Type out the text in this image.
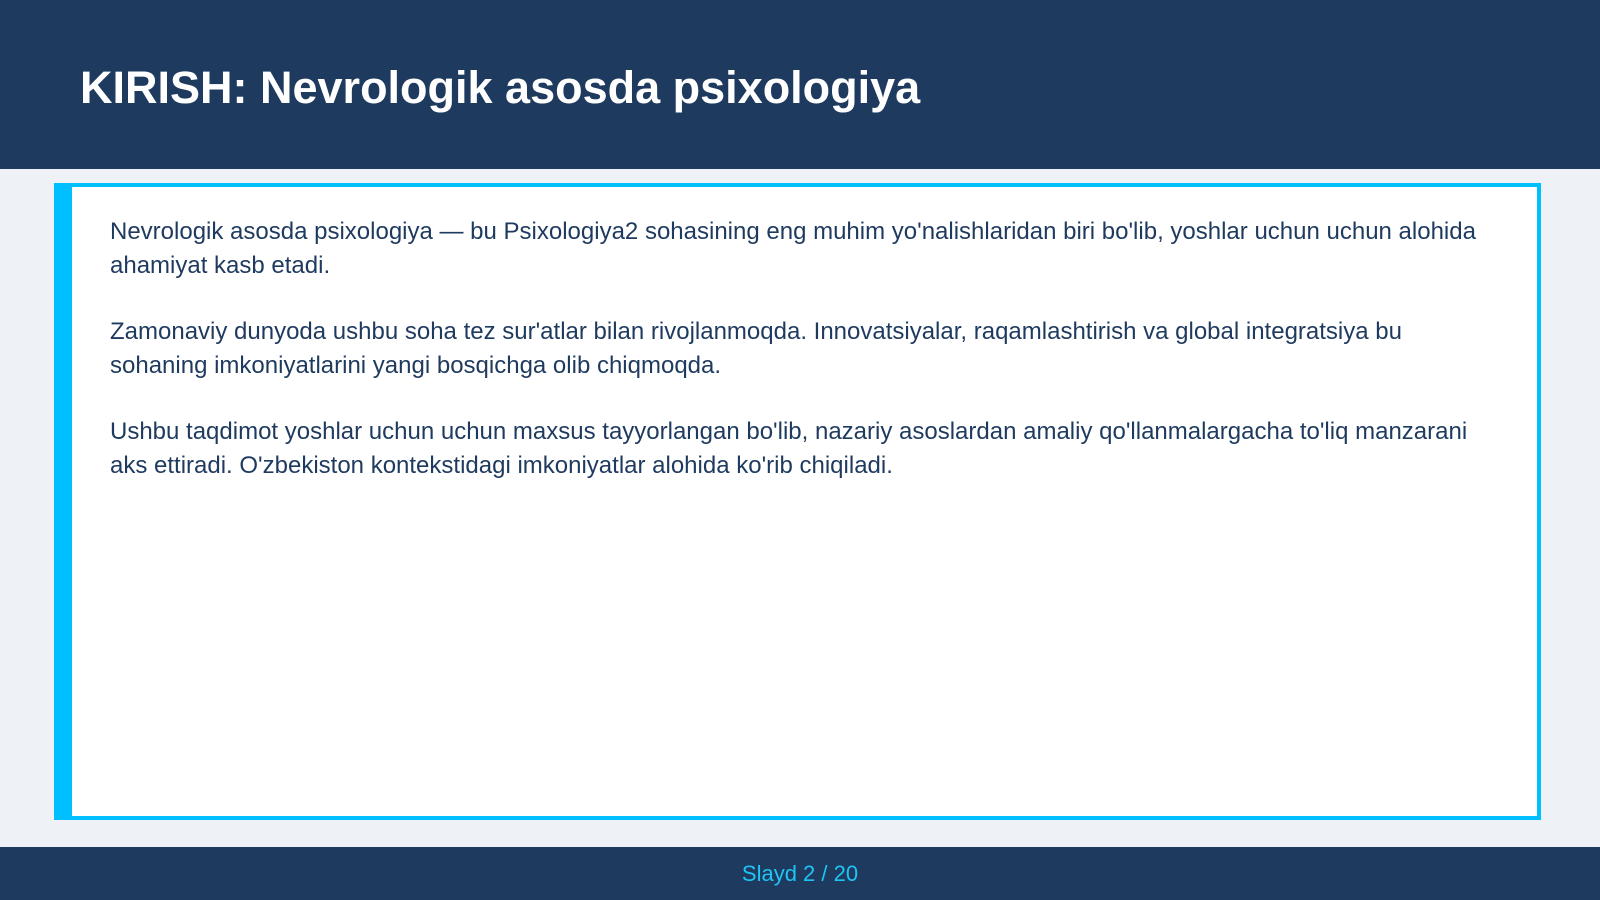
KIRISH: Nevrologik asosda psixologiya

Nevrologik asosda psixologiya — bu Psixologiya2 sohasining eng muhim yo'nalishlaridan biri bo'lib, yoshlar uchun uchun alohida ahamiyat kasb etadi.

Zamonaviy dunyoda ushbu soha tez sur'atlar bilan rivojlanmoqda. Innovatsiyalar, raqamlashtirish va global integratsiya bu sohaning imkoniyatlarini yangi bosqichga olib chiqmoqda.

Ushbu taqdimot yoshlar uchun uchun maxsus tayyorlangan bo'lib, nazariy asoslardan amaliy qo'llanmalargacha to'liq manzarani aks ettiradi. O'zbekiston kontekstidagi imkoniyatlar alohida ko'rib chiqiladi.

Slayd 2 / 20
